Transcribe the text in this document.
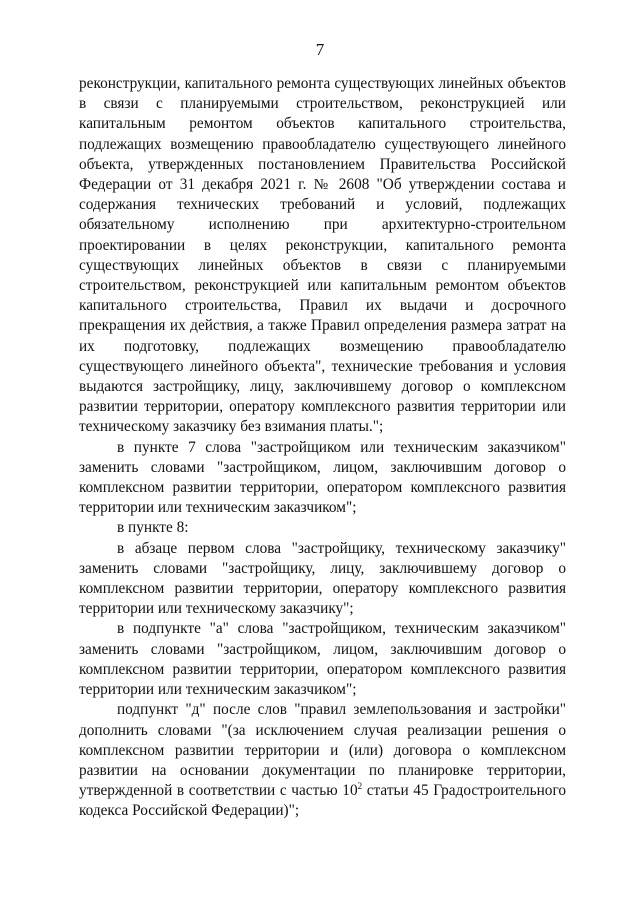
7

реконструкции, капитального ремонта существующих линейных объектов в связи с планируемыми строительством, реконструкцией или капитальным ремонтом объектов капитального строительства, подлежащих возмещению правообладателю существующего линейного объекта, утвержденных постановлением Правительства Российской Федерации от 31 декабря 2021 г. № 2608 "Об утверждении состава и содержания технических требований и условий, подлежащих обязательному исполнению при архитектурно-строительном проектировании в целях реконструкции, капитального ремонта существующих линейных объектов в связи с планируемыми строительством, реконструкцией или капитальным ремонтом объектов капитального строительства, Правил их выдачи и досрочного прекращения их действия, а также Правил определения размера затрат на их подготовку, подлежащих возмещению правообладателю существующего линейного объекта", технические требования и условия выдаются застройщику, лицу, заключившему договор о комплексном развитии территории, оператору комплексного развития территории или техническому заказчику без взимания платы.";

в пункте 7 слова "застройщиком или техническим заказчиком" заменить словами "застройщиком, лицом, заключившим договор о комплексном развитии территории, оператором комплексного развития территории или техническим заказчиком";

в пункте 8:

в абзаце первом слова "застройщику, техническому заказчику" заменить словами "застройщику, лицу, заключившему договор о комплексном развитии территории, оператору комплексного развития территории или техническому заказчику";

в подпункте "а" слова "застройщиком, техническим заказчиком" заменить словами "застройщиком, лицом, заключившим договор о комплексном развитии территории, оператором комплексного развития территории или техническим заказчиком";

подпункт "д" после слов "правил землепользования и застройки" дополнить словами "(за исключением случая реализации решения о комплексном развитии территории и (или) договора о комплексном развитии на основании документации по планировке территории, утвержденной в соответствии с частью $10^2$ статьи 45 Градостроительного кодекса Российской Федерации)";
